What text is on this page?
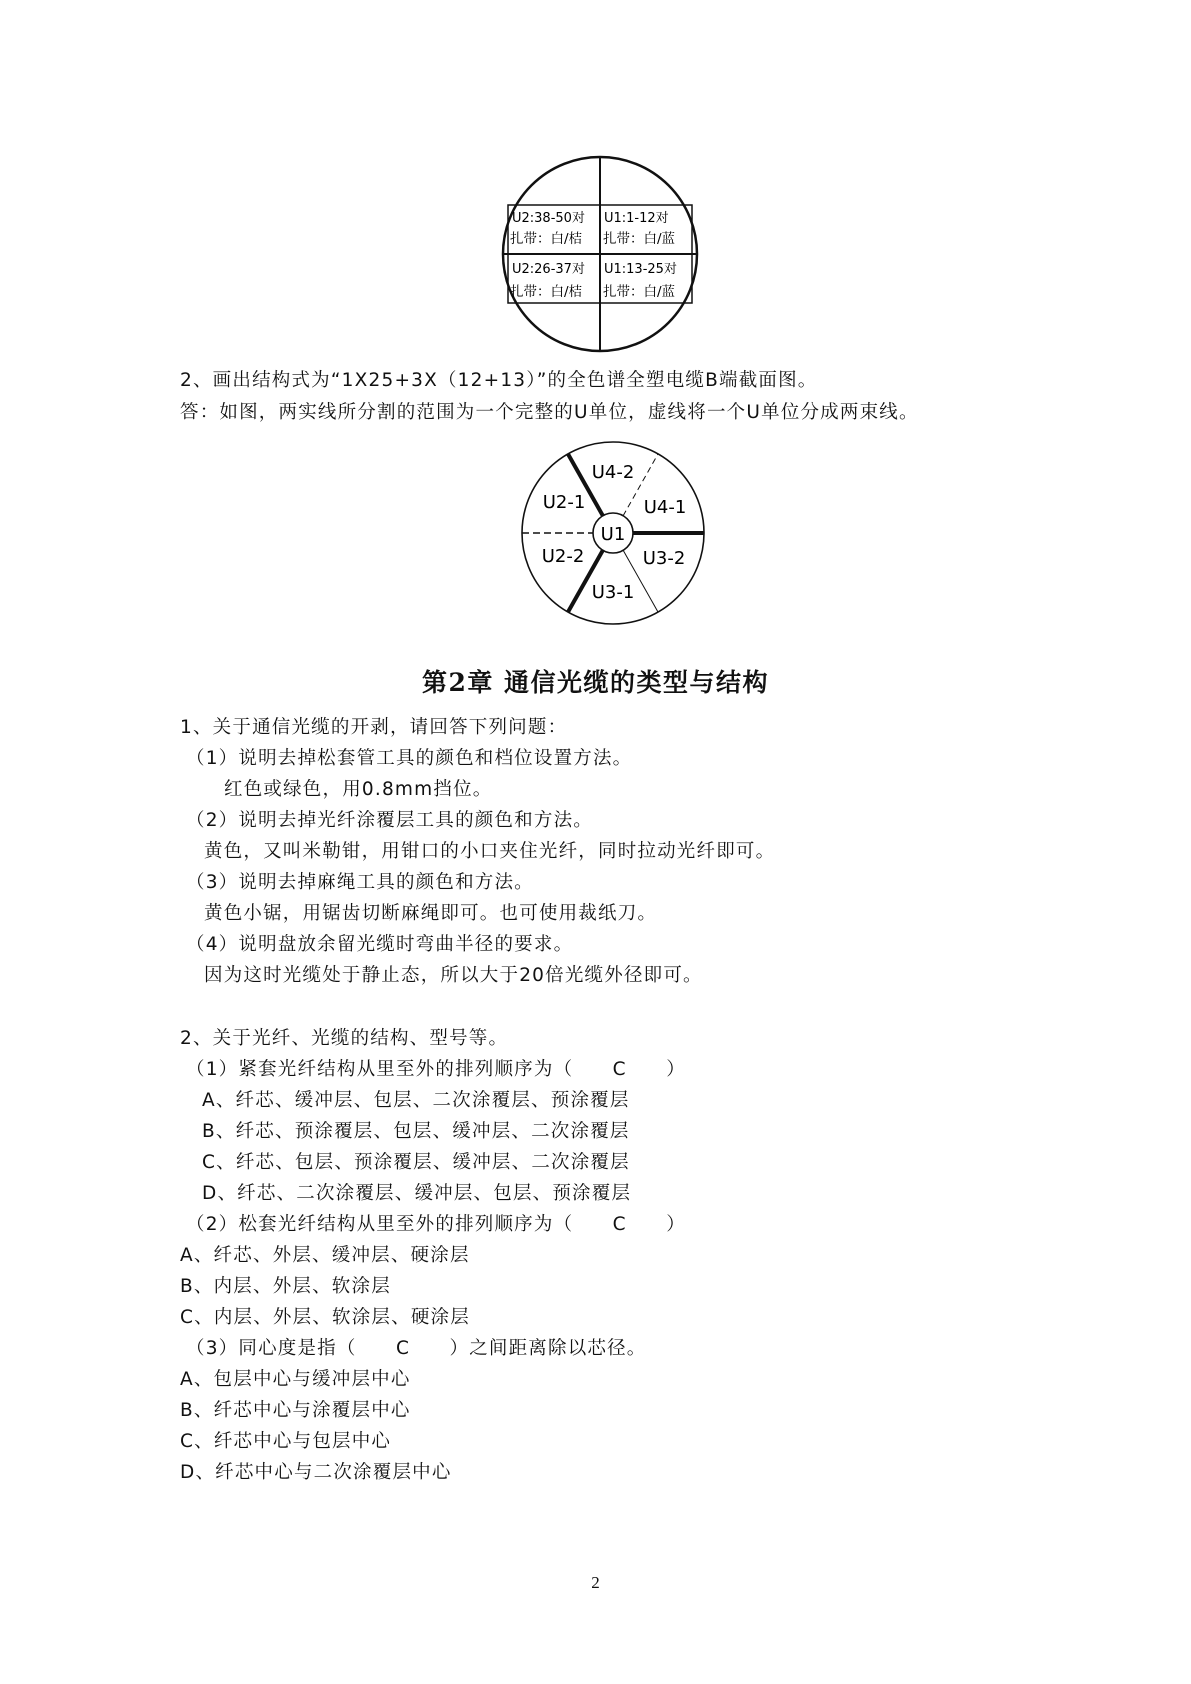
U2:38-50对
扎带：白/桔
U1:1-12对
扎带：白/蓝
U2:26-37对
扎带：白/桔
U1:13-25对
扎带：白/蓝
2、画出结构式为“1X25+3X（12+13）”的全色谱全塑电缆B端截面图。
答：如图，两实线所分割的范围为一个完整的U单位，虚线将一个U单位分成两束线。
U1
U4-2
U4-1
U2-1
U2-2	U3-2
U3-1
第2章 通信光缆的类型与结构
1、关于通信光缆的开剥，请回答下列问题：
（1）说明去掉松套管工具的颜色和档位设置方法。
红色或绿色，用0.8mm挡位。
（2）说明去掉光纤涂覆层工具的颜色和方法。
黄色，又叫米勒钳，用钳口的小口夹住光纤，同时拉动光纤即可。
（3）说明去掉麻绳工具的颜色和方法。
黄色小锯，用锯齿切断麻绳即可。也可使用裁纸刀。
（4）说明盘放余留光缆时弯曲半径的要求。
因为这时光缆处于静止态，所以大于20倍光缆外径即可。
2、关于光纤、光缆的结构、型号等。
（1）紧套光纤结构从里至外的排列顺序为（　　C　　）
A、纤芯、缓冲层、包层、二次涂覆层、预涂覆层
B、纤芯、预涂覆层、包层、缓冲层、二次涂覆层
C、纤芯、包层、预涂覆层、缓冲层、二次涂覆层
D、纤芯、二次涂覆层、缓冲层、包层、预涂覆层
（2）松套光纤结构从里至外的排列顺序为（　　C　　）
A、纤芯、外层、缓冲层、硬涂层
B、内层、外层、软涂层
C、内层、外层、软涂层、硬涂层
（3）同心度是指（　　C　　）之间距离除以芯径。
A、包层中心与缓冲层中心
B、纤芯中心与涂覆层中心
C、纤芯中心与包层中心
D、纤芯中心与二次涂覆层中心
2
